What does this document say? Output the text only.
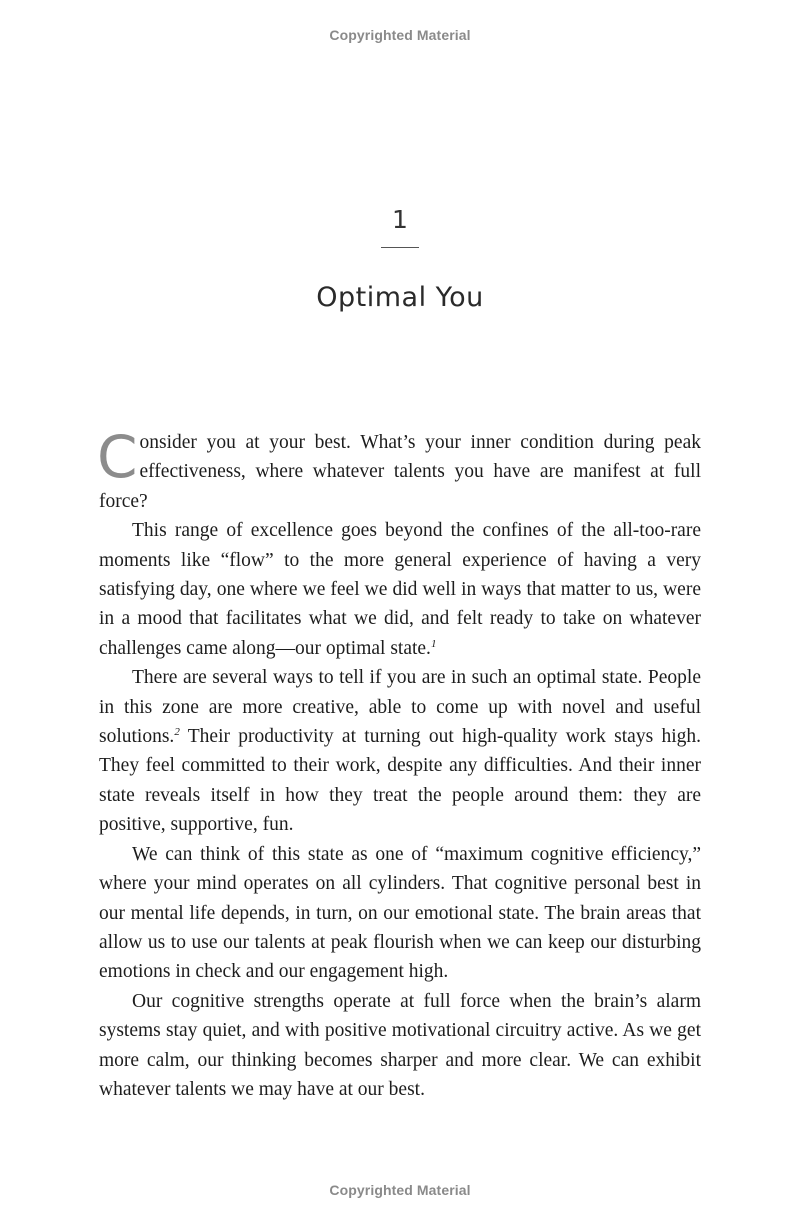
Copyrighted Material
1
Optimal You

Consider you at your best. What’s your inner condition during peak effectiveness, where whatever talents you have are manifest at full force?

This range of excellence goes beyond the confines of the all-too-rare moments like “flow” to the more general experience of having a very satisfying day, one where we feel we did well in ways that matter to us, were in a mood that facilitates what we did, and felt ready to take on whatever challenges came along—our optimal state.$^1$

There are several ways to tell if you are in such an optimal state. People in this zone are more creative, able to come up with novel and useful solutions.$^2$ Their productivity at turning out high-quality work stays high. They feel committed to their work, despite any difficulties. And their inner state reveals itself in how they treat the people around them: they are positive, supportive, fun.

We can think of this state as one of “maximum cognitive efficiency,” where your mind operates on all cylinders. That cognitive personal best in our mental life depends, in turn, on our emotional state. The brain areas that allow us to use our talents at peak flourish when we can keep our disturbing emotions in check and our engagement high.

Our cognitive strengths operate at full force when the brain’s alarm systems stay quiet, and with positive motivational circuitry active. As we get more calm, our thinking becomes sharper and more clear. We can exhibit whatever talents we may have at our best.

Copyrighted Material
